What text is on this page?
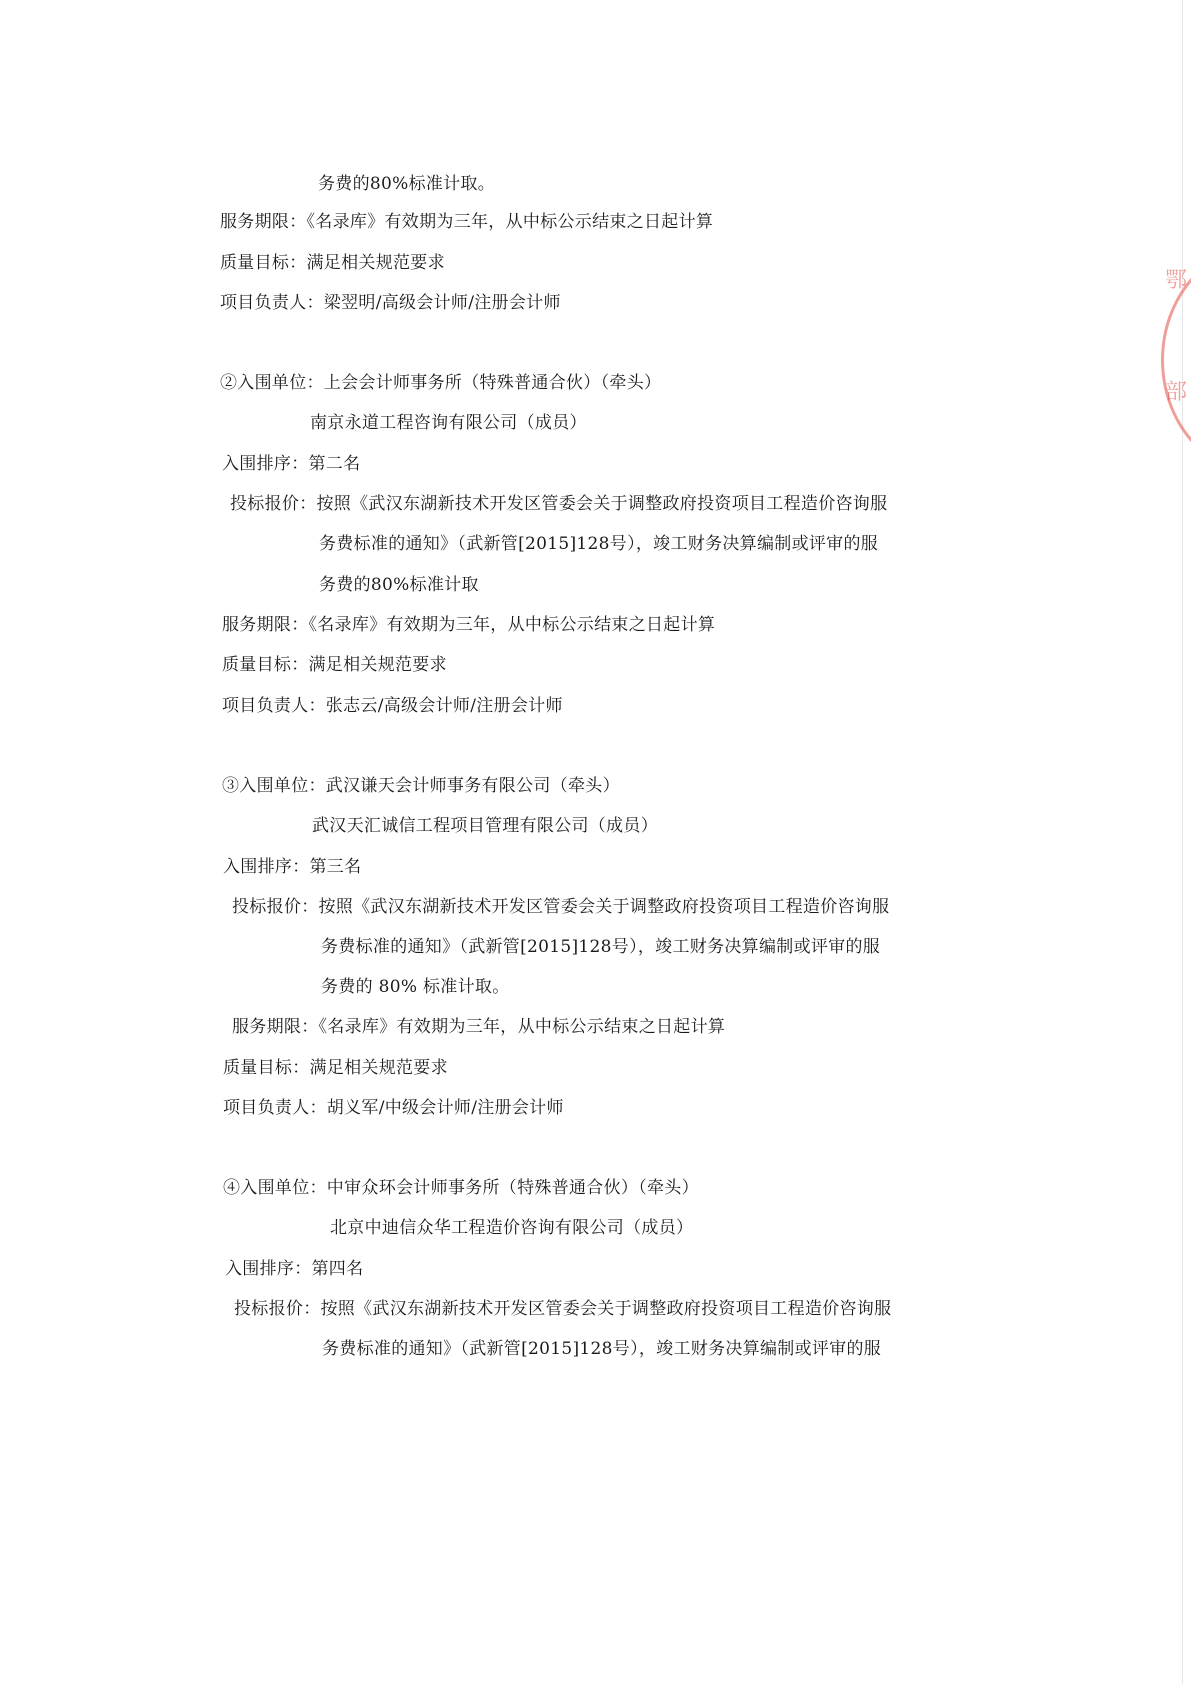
鄂
部
务费的80%标准计取。
服务期限：《名录库》有效期为三年，从中标公示结束之日起计算
质量目标：满足相关规范要求
项目负责人：梁翌明/高级会计师/注册会计师
②入围单位：上会会计师事务所（特殊普通合伙）（牵头）
南京永道工程咨询有限公司（成员）
入围排序：第二名
投标报价：按照《武汉东湖新技术开发区管委会关于调整政府投资项目工程造价咨询服
务费标准的通知》（武新管[2015]128号），竣工财务决算编制或评审的服
务费的80%标准计取
服务期限：《名录库》有效期为三年，从中标公示结束之日起计算
质量目标：满足相关规范要求
项目负责人：张志云/高级会计师/注册会计师
③入围单位：武汉谦天会计师事务有限公司（牵头）
武汉天汇诚信工程项目管理有限公司（成员）
入围排序：第三名
投标报价：按照《武汉东湖新技术开发区管委会关于调整政府投资项目工程造价咨询服
务费标准的通知》（武新管[2015]128号），竣工财务决算编制或评审的服
务费的 80% 标准计取。
服务期限：《名录库》有效期为三年，从中标公示结束之日起计算
质量目标：满足相关规范要求
项目负责人：胡义军/中级会计师/注册会计师
④入围单位：中审众环会计师事务所（特殊普通合伙）（牵头）
北京中迪信众华工程造价咨询有限公司（成员）
入围排序：第四名
投标报价：按照《武汉东湖新技术开发区管委会关于调整政府投资项目工程造价咨询服
务费标准的通知》（武新管[2015]128号），竣工财务决算编制或评审的服
